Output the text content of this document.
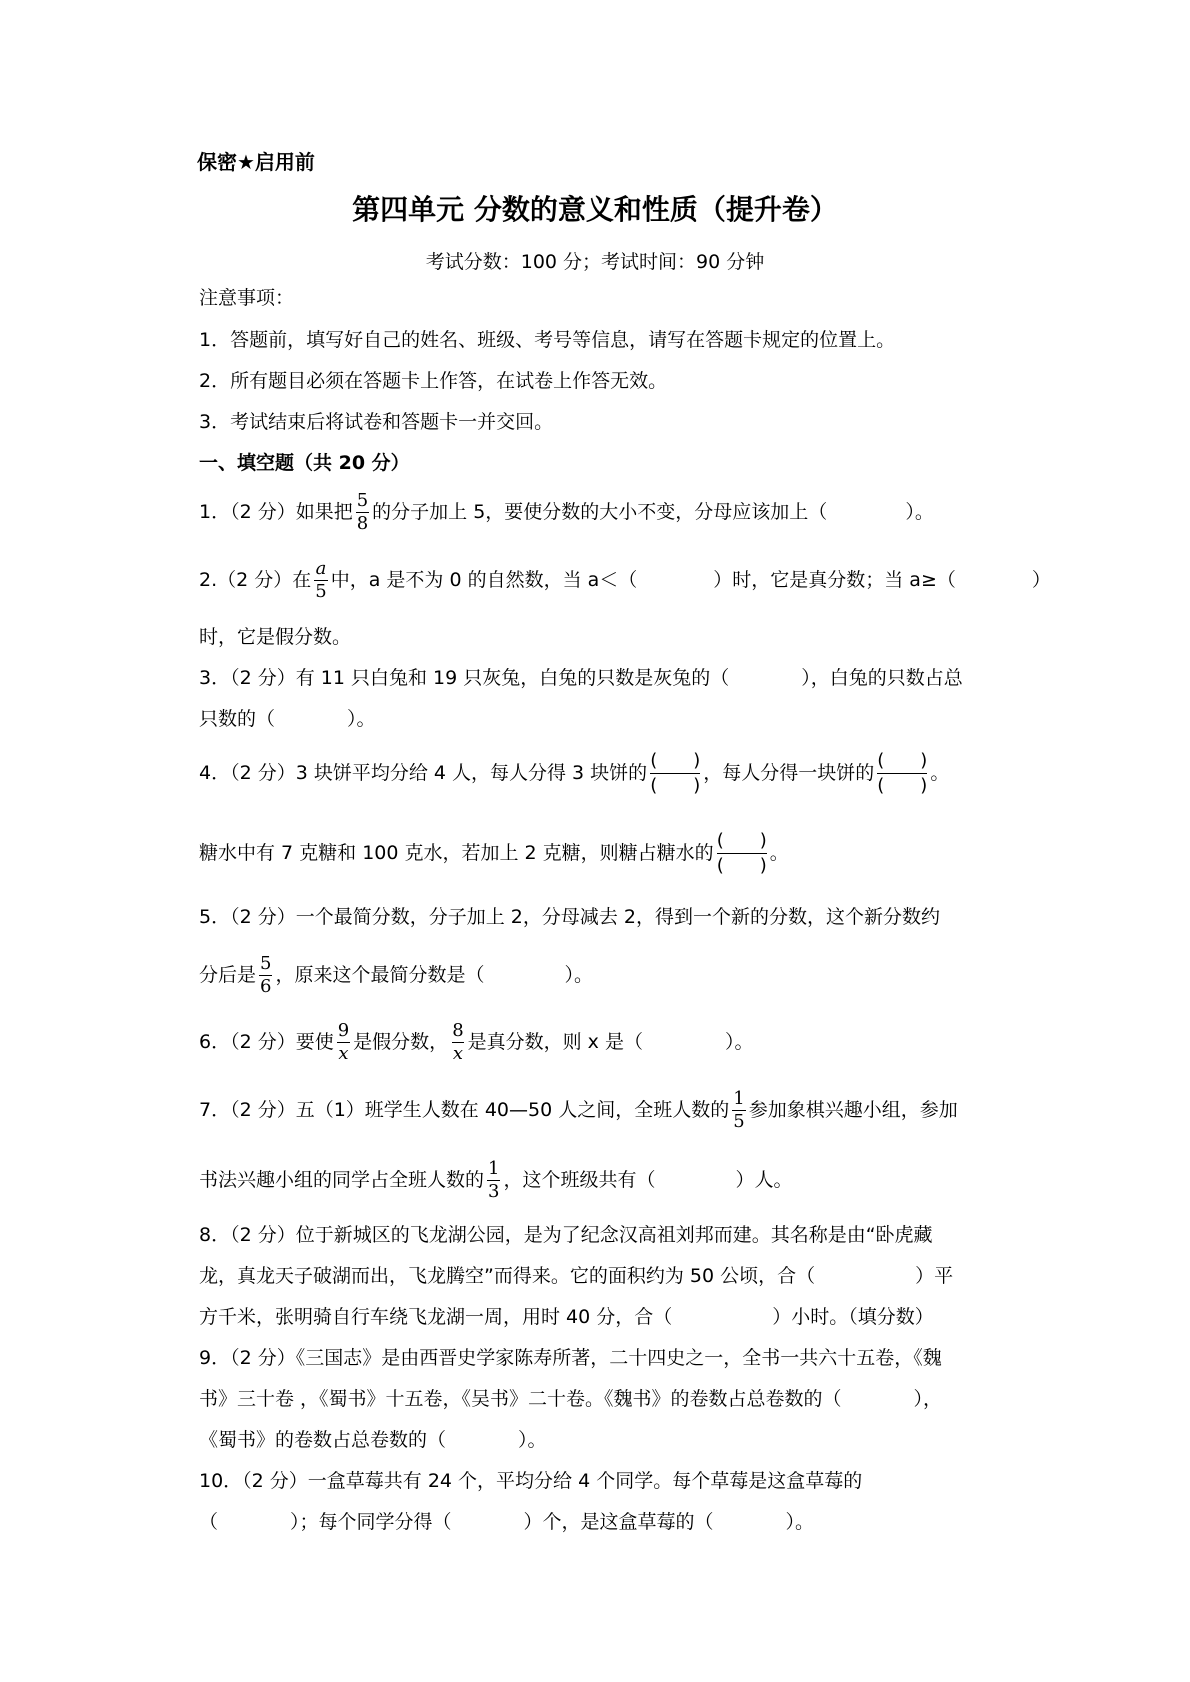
保密★启用前
第四单元 分数的意义和性质（提升卷）
考试分数：100 分；考试时间：90 分钟
注意事项：
1．答题前，填写好自己的姓名、班级、考号等信息，请写在答题卡规定的位置上。
2．所有题目必须在答题卡上作答，在试卷上作答无效。
3．考试结束后将试卷和答题卡一并交回。
一、填空题（共 20 分）
1．（2 分）如果把 $\frac{5}{8}$ 的分子加上 5，要使分数的大小不变，分母应该加上（	）。
2.（2 分）在 $\frac{a}{5}$ 中，a 是不为 0 的自然数，当 a＜（	）时，它是真分数；当 a≥（	）
时，它是假分数。
3．（2 分）有 11 只白兔和 19 只灰兔，白兔的只数是灰兔的（	），白兔的只数占总
只数的（	）。
4．（2 分）3 块饼平均分给 4 人，每人分得 3 块饼的 $\frac{( )}{( )}$ ，每人分得一块饼的 $\frac{( )}{( )}$ 。
糖水中有 7 克糖和 100 克水，若加上 2 克糖，则糖占糖水的 $\frac{( )}{( )}$ 。
5．（2 分）一个最简分数，分子加上 2，分母减去 2，得到一个新的分数，这个新分数约
分后是 $\frac{5}{6}$ ，原来这个最简分数是（	）。
6．（2 分）要使 $\frac{9}{x}$ 是假分数， $\frac{8}{x}$ 是真分数，则 x 是（	）。
7．（2 分）五（1）班学生人数在 40—50 人之间，全班人数的 $\frac{1}{5}$ 参加象棋兴趣小组，参加
书法兴趣小组的同学占全班人数的 $\frac{1}{3}$ ，这个班级共有（	）人。
8．（2 分）位于新城区的飞龙湖公园，是为了纪念汉高祖刘邦而建。其名称是由“卧虎藏
龙，真龙天子破湖而出，飞龙腾空”而得来。它的面积约为 50 公顷，合（	）平
方千米，张明骑自行车绕飞龙湖一周，用时 40 分，合（	）小时。（填分数）
9．（2 分）《三国志》是由西晋史学家陈寿所著，二十四史之一，全书一共六十五卷，《魏
书》三十卷 ，《蜀书》十五卷，《吴书》二十卷。《魏书》的卷数占总卷数的（	），
《蜀书》的卷数占总卷数的（	）。
10．（2 分）一盒草莓共有 24 个，平均分给 4 个同学。每个草莓是这盒草莓的
（	）；每个同学分得（	）个，是这盒草莓的（	）。
